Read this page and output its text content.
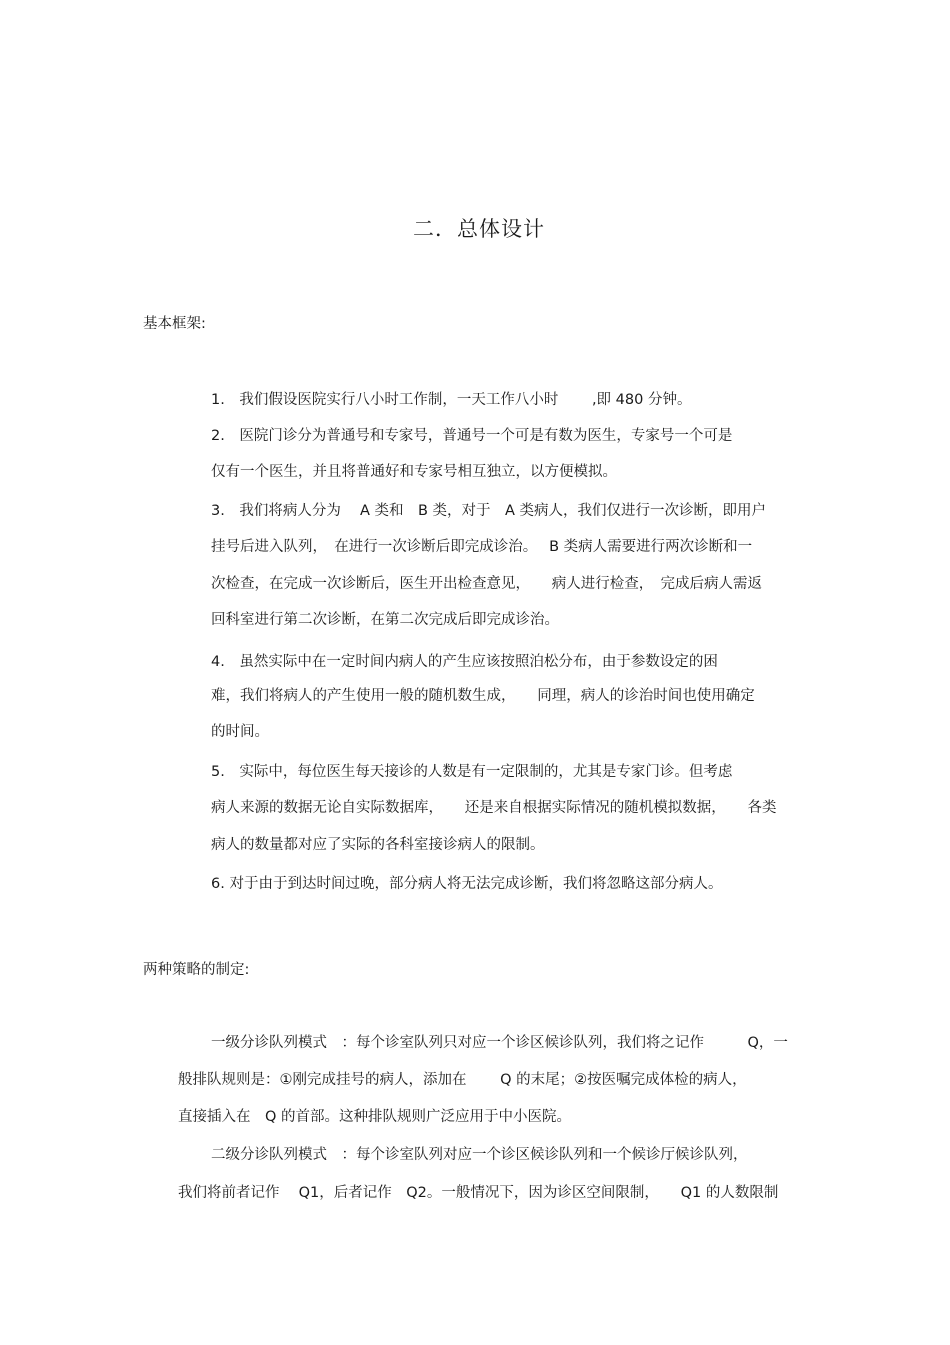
二．总体设计
基本框架:
1.　我们假设医院实行八小时工作制，一天工作八小时　　 ,即 480 分钟。
2.　医院门诊分为普通号和专家号，普通号一个可是有数为医生，专家号一个可是
仅有一个医生，并且将普通好和专家号相互独立，以方便模拟。
3.　我们将病人分为　 A 类和　B 类，对于　A 类病人，我们仅进行一次诊断，即用户
挂号后进入队列，　在进行一次诊断后即完成诊治。　 B 类病人需要进行两次诊断和一
次检查，在完成一次诊断后，医生开出检查意见，　　病人进行检查，　完成后病人需返
回科室进行第二次诊断，在第二次完成后即完成诊治。
4.　虽然实际中在一定时间内病人的产生应该按照泊松分布，由于参数设定的困
难，我们将病人的产生使用一般的随机数生成，　　同理，病人的诊治时间也使用确定
的时间。
5.　实际中，每位医生每天接诊的人数是有一定限制的，尤其是专家门诊。但考虑
病人来源的数据无论自实际数据库，　　还是来自根据实际情况的随机模拟数据，　　各类
病人的数量都对应了实际的各科室接诊病人的限制。
6. 对于由于到达时间过晚，部分病人将无法完成诊断，我们将忽略这部分病人。
两种策略的制定:
一级分诊队列模式　：每个诊室队列只对应一个诊区候诊队列，我们将之记作　　　Q，一
般排队规则是：①刚完成挂号的病人，添加在　　 Q 的末尾；②按医嘱完成体检的病人，
直接插入在　Q 的首部。这种排队规则广泛应用于中小医院。
二级分诊队列模式　：每个诊室队列对应一个诊区候诊队列和一个候诊厅候诊队列，
我们将前者记作　 Q1，后者记作　Q2。一般情况下，因为诊区空间限制，　　Q1 的人数限制
